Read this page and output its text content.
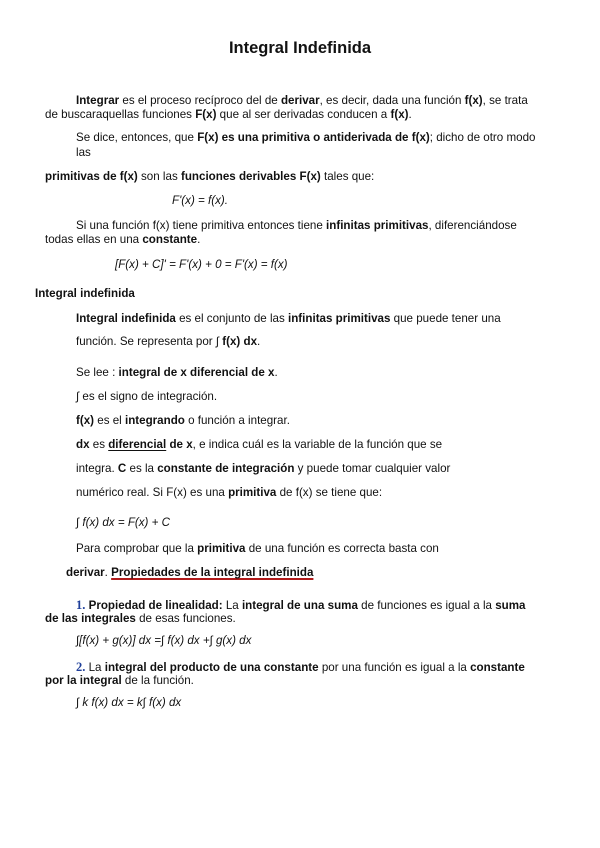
Integral Indefinida
Integrar es el proceso recíproco del de derivar, es decir, dada una función f(x), se trata
de buscaraquellas funciones F(x) que al ser derivadas conducen a f(x).
Se dice, entonces, que F(x) es una primitiva o antiderivada de f(x); dicho de otro modo
las
primitivas de f(x) son las funciones derivables F(x) tales que:
F'(x) = f(x).
Si una función f(x) tiene primitiva entonces tiene infinitas primitivas, diferenciándose
todas ellas en una constante.
[F(x) + C]' = F'(x) + 0 = F'(x) = f(x)
Integral indefinida
Integral indefinida es el conjunto de las infinitas primitivas que puede tener una
función. Se representa por ∫ f(x) dx.
Se lee : integral de x diferencial de x.
∫ es el signo de integración.
f(x) es el integrando o función a integrar.
dx es diferencial de x, e indica cuál es la variable de la función que se
integra. C es la constante de integración y puede tomar cualquier valor
numérico real. Si F(x) es una primitiva de f(x) se tiene que:
∫ f(x) dx = F(x) + C
Para comprobar que la primitiva de una función es correcta basta con
derivar. Propiedades de la integral indefinida
1. Propiedad de linealidad: La integral de una suma de funciones es igual a la suma
de las integrales de esas funciones.
∫[f(x) + g(x)] dx =∫ f(x) dx +∫ g(x) dx
2. La integral del producto de una constante por una función es igual a la constante
por la integral de la función.
∫ k f(x) dx = k∫ f(x) dx
